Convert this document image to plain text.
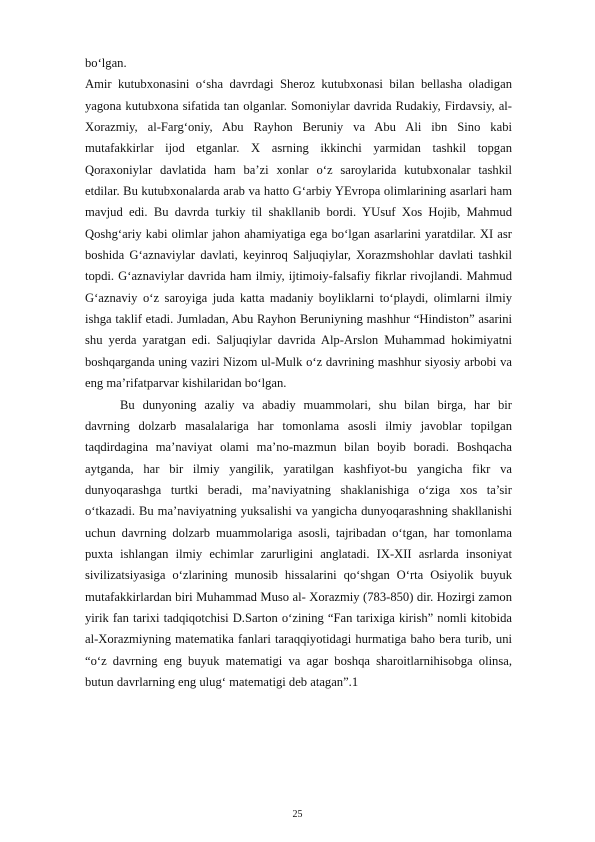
bo‘lgan.

Amir kutubxonasini o‘sha davrdagi Sheroz kutubxonasi bilan bellasha oladigan yagona kutubxona sifatida tan olganlar. Somoniylar davrida Rudakiy, Firdavsiy, al-Xorazmiy, al-Farg‘oniy, Abu Rayhon Beruniy va Abu Ali ibn Sino kabi mutafakkirlar ijod etganlar. X asrning ikkinchi yarmidan tashkil topgan Qoraxoniylar davlatida ham ba’zi xonlar o‘z saroylarida kutubxonalar tashkil etdilar. Bu kutubxonalarda arab va hatto G‘arbiy YEvropa olimlarining asarlari ham mavjud edi. Bu davrda turkiy til shakllanib bordi. YUsuf Xos Hojib, Mahmud Qoshg‘ariy kabi olimlar jahon ahamiyatiga ega bo‘lgan asarlarini yaratdilar. XI asr boshida G‘aznaviylar davlati, keyinroq Saljuqiylar, Xorazmshohlar davlati tashkil topdi. G‘aznaviylar davrida ham ilmiy, ijtimoiy-falsafiy fikrlar rivojlandi. Mahmud G‘aznaviy o‘z saroyiga juda katta madaniy boyliklarni to‘playdi, olimlarni ilmiy ishga taklif etadi. Jumladan, Abu Rayhon Beruniyning mashhur “Hindiston” asarini shu yerda yaratgan edi. Saljuqiylar davrida Alp-Arslon Muhammad hokimiyatni boshqarganda uning vaziri Nizom ul-Mulk o‘z davrining mashhur siyosiy arbobi va eng ma’rifatparvar kishilaridan bo‘lgan.

Bu dunyoning azaliy va abadiy muammolari, shu bilan birga, har bir davrning dolzarb masalalariga har tomonlama asosli ilmiy javoblar topilgan taqdirdagina ma’naviyat olami ma’no-mazmun bilan boyib boradi. Boshqacha aytganda, har bir ilmiy yangilik, yaratilgan kashfiyot-bu yangicha fikr va dunyoqarashga turtki beradi, ma’naviyatning shaklanishiga o‘ziga xos ta’sir o‘tkazadi. Bu ma’naviyatning yuksalishi va yangicha dunyoqarashning shakllanishi uchun davrning dolzarb muammolariga asosli, tajribadan o‘tgan, har tomonlama puxta ishlangan ilmiy echimlar zarurligini anglatadi. IX-XII asrlarda insoniyat sivilizatsiyasiga o‘zlarining munosib hissalarini qo‘shgan O‘rta Osiyolik buyuk mutafakkirlardan biri Muhammad Muso al- Xorazmiy (783-850) dir. Hozirgi zamon yirik fan tarixi tadqiqotchisi D.Sarton o‘zining “Fan tarixiga kirish” nomli kitobida al-Xorazmiyning matematika fanlari taraqqiyotidagi hurmatiga baho bera turib, uni “o‘z davrning eng buyuk matematigi va agar boshqa sharoitlarnihisobga olinsa, butun davrlarning eng ulug‘ matematigi deb atagan”.1

25
